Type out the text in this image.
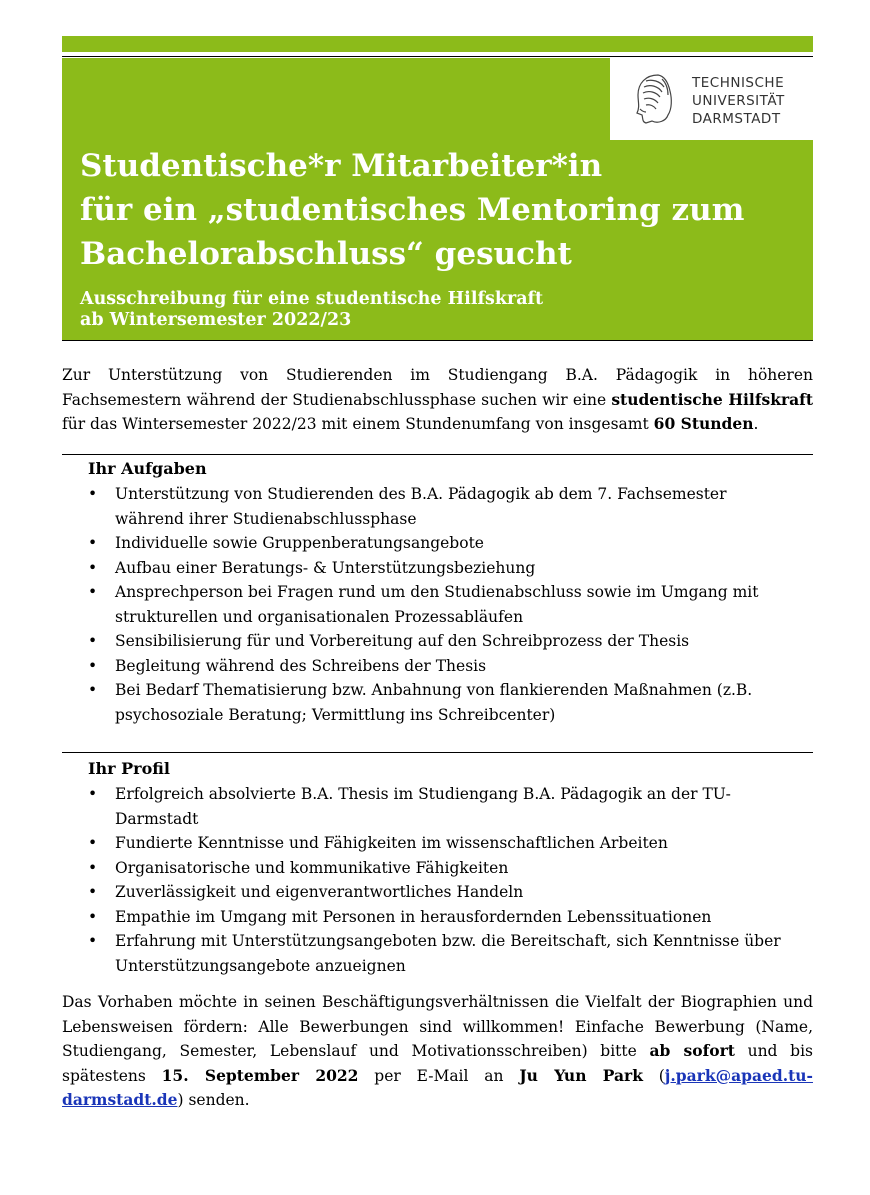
Studentische*r Mitarbeiter*in
für ein „studentisches Mentoring zum
Bachelorabschluss“ gesucht
Ausschreibung für eine studentische Hilfskraft
ab Wintersemester 2022/23
TECHNISCHE
UNIVERSITÄT
DARMSTADT
Zur Unterstützung von Studierenden im Studiengang B.A. Pädagogik in höheren Fachsemestern während der Studienabschlussphase suchen wir eine studentische Hilfskraft für das Wintersemester 2022/23 mit einem Stundenumfang von insgesamt 60 Stunden.
Ihr Aufgaben
• Unterstützung von Studierenden des B.A. Pädagogik ab dem 7. Fachsemester während ihrer Studienabschlussphase
• Individuelle sowie Gruppenberatungsangebote
• Aufbau einer Beratungs- & Unterstützungsbeziehung
• Ansprechperson bei Fragen rund um den Studienabschluss sowie im Umgang mit strukturellen und organisationalen Prozessabläufen
• Sensibilisierung für und Vorbereitung auf den Schreibprozess der Thesis
• Begleitung während des Schreibens der Thesis
• Bei Bedarf Thematisierung bzw. Anbahnung von flankierenden Maßnahmen (z.B. psychosoziale Beratung; Vermittlung ins Schreibcenter)
Ihr Profil
• Erfolgreich absolvierte B.A. Thesis im Studiengang B.A. Pädagogik an der TU-Darmstadt
• Fundierte Kenntnisse und Fähigkeiten im wissenschaftlichen Arbeiten
• Organisatorische und kommunikative Fähigkeiten
• Zuverlässigkeit und eigenverantwortliches Handeln
• Empathie im Umgang mit Personen in herausfordernden Lebenssituationen
• Erfahrung mit Unterstützungsangeboten bzw. die Bereitschaft, sich Kenntnisse über Unterstützungsangebote anzueignen
Das Vorhaben möchte in seinen Beschäftigungsverhältnissen die Vielfalt der Biographien und Lebensweisen fördern: Alle Bewerbungen sind willkommen! Einfache Bewerbung (Name, Studiengang, Semester, Lebenslauf und Motivationsschreiben) bitte ab sofort und bis spätestens 15. September 2022 per E-Mail an Ju Yun Park (j.park@apaed.tu-darmstadt.de) senden.
